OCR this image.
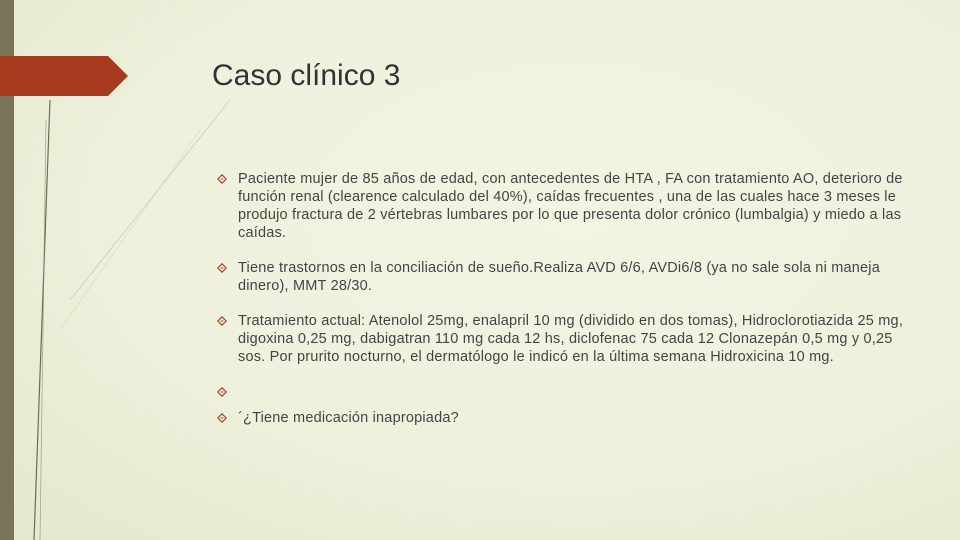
Caso clínico 3
Paciente mujer de 85 años de edad, con antecedentes de HTA , FA con tratamiento AO, deterioro de función renal (clearence calculado del 40%), caídas frecuentes , una de las cuales hace 3 meses le produjo fractura de 2 vértebras lumbares por lo que presenta dolor crónico (lumbalgia) y miedo a las caídas.
Tiene trastornos en la conciliación de sueño.Realiza AVD 6/6, AVDi6/8 (ya no sale sola ni maneja dinero), MMT 28/30.
Tratamiento actual: Atenolol 25mg, enalapril 10 mg (dividido en dos tomas), Hidroclorotiazida 25 mg, digoxina 0,25 mg, dabigatran 110 mg cada 12 hs, diclofenac 75 cada 12 Clonazepán 0,5 mg y 0,25 sos. Por prurito nocturno, el dermatólogo le indicó en la última semana Hidroxicina 10 mg.
´¿Tiene medicación inapropiada?
